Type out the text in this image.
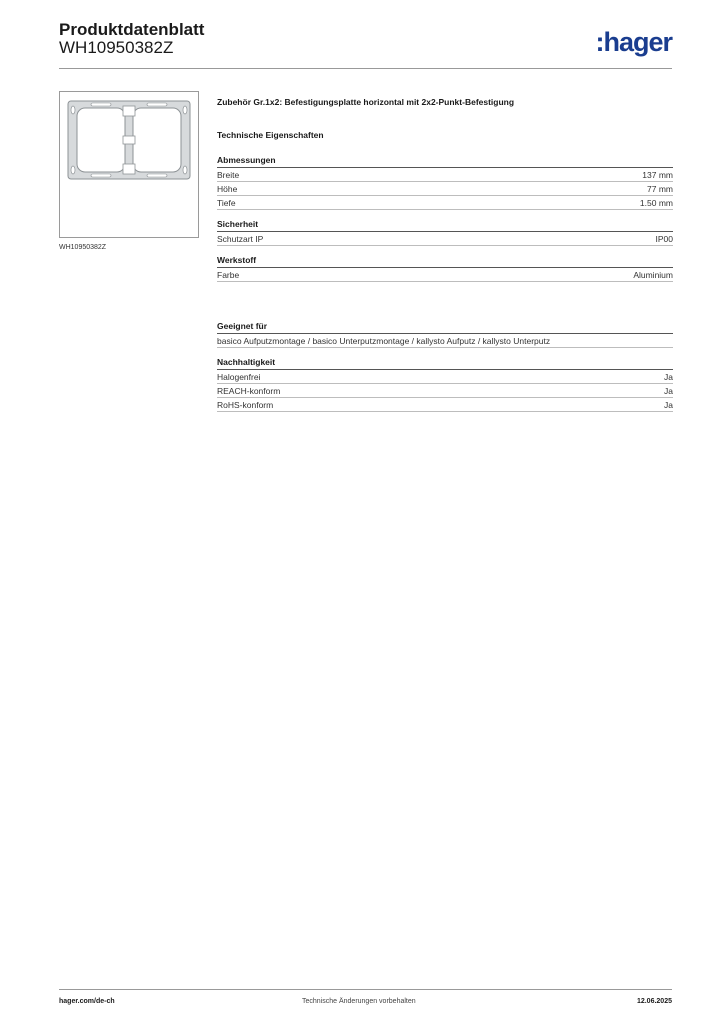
Produktdatenblatt
WH10950382Z	:hager
WH10950382Z
Zubehör Gr.1x2: Befestigungsplatte horizontal mit 2x2-Punkt-Befestigung
Technische Eigenschaften
Abmessungen
Breite	137 mm
Höhe	77 mm
Tiefe	1.50 mm
Sicherheit
Schutzart IP	IP00
Werkstoff
Farbe	Aluminium
Geeignet für
basico Aufputzmontage / basico Unterputzmontage / kallysto Aufputz / kallysto Unterputz
Nachhaltigkeit
Halogenfrei	Ja
REACH-konform	Ja
RoHS-konform	Ja
hager.com/de-ch	Technische Änderungen vorbehalten	12.06.2025
